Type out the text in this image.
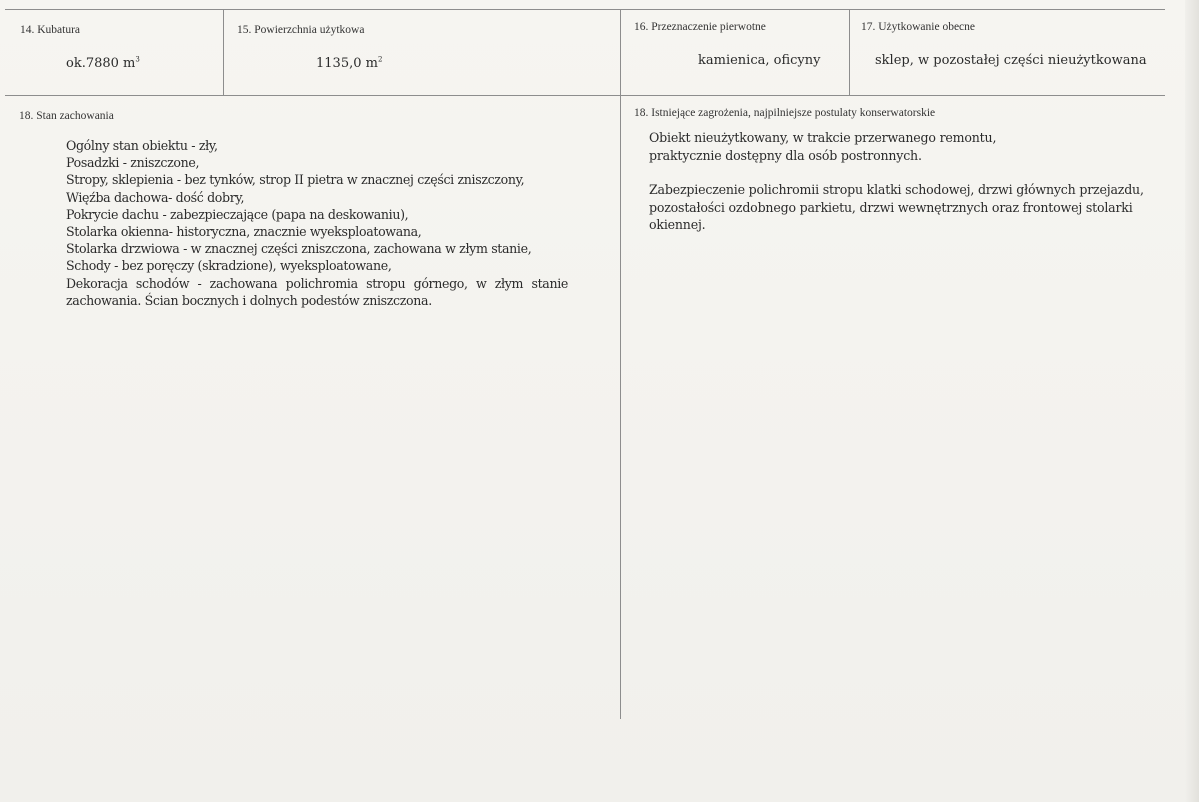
14. Kubatura
ok.7880 $m^3$
15. Powierzchnia użytkowa
1135,0 $m^2$
16. Przeznaczenie pierwotne
kamienica, oficyny
17. Użytkowanie obecne
sklep, w pozostałej części nieużytkowana
18. Stan zachowania
Ogólny stan obiektu - zły,
Posadzki - zniszczone,
Stropy, sklepienia - bez tynków, strop II pietra w znacznej części zniszczony,
Więźba dachowa- dość dobry,
Pokrycie dachu - zabezpieczające (papa na deskowaniu),
Stolarka okienna- historyczna, znacznie wyeksploatowana,
Stolarka drzwiowa - w znacznej części zniszczona, zachowana w złym stanie,
Schody - bez poręczy (skradzione), wyeksploatowane,
Dekoracja schodów - zachowana polichromia stropu górnego, w złym stanie zachowania. Ścian bocznych i dolnych podestów zniszczona.
18. Istniejące zagrożenia, najpilniejsze postulaty konserwatorskie
Obiekt nieużytkowany, w trakcie przerwanego remontu,
praktycznie dostępny dla osób postronnych.
Zabezpieczenie polichromii stropu klatki schodowej, drzwi głównych przejazdu,
pozostałości ozdobnego parkietu, drzwi wewnętrznych oraz frontowej stolarki
okiennej.
